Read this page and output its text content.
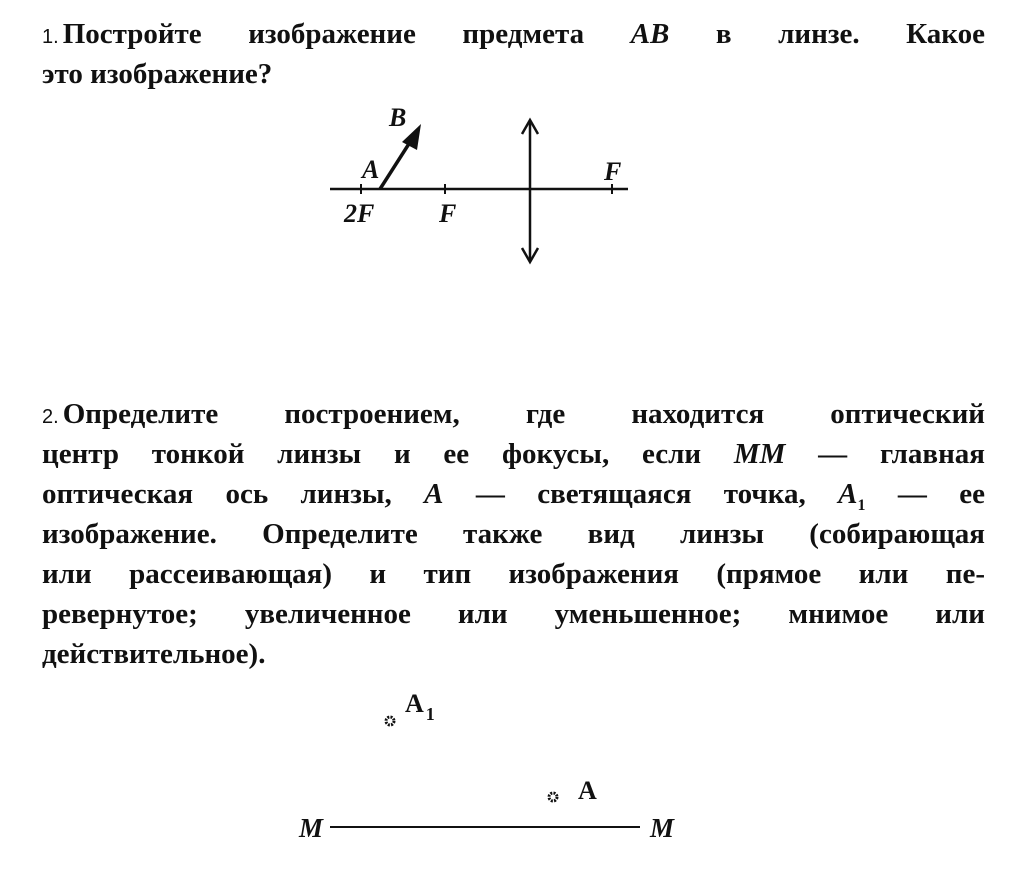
1. Постройте изображение предмета AB в линзе. Какое
это изображение?
2. Определите построением, где находится оптический
центр тонкой линзы и ее фокусы, если MM — главная
оптическая ось линзы, A — светящаяся точка, $A_1$ — ее
изображение. Определите также вид линзы (собирающая
или рассеивающая) и тип изображения (прямое или пе-
ревернутое; увеличенное или уменьшенное; мнимое или
действительное).
B
A
2F F
F
A $_1$
A
M	M
